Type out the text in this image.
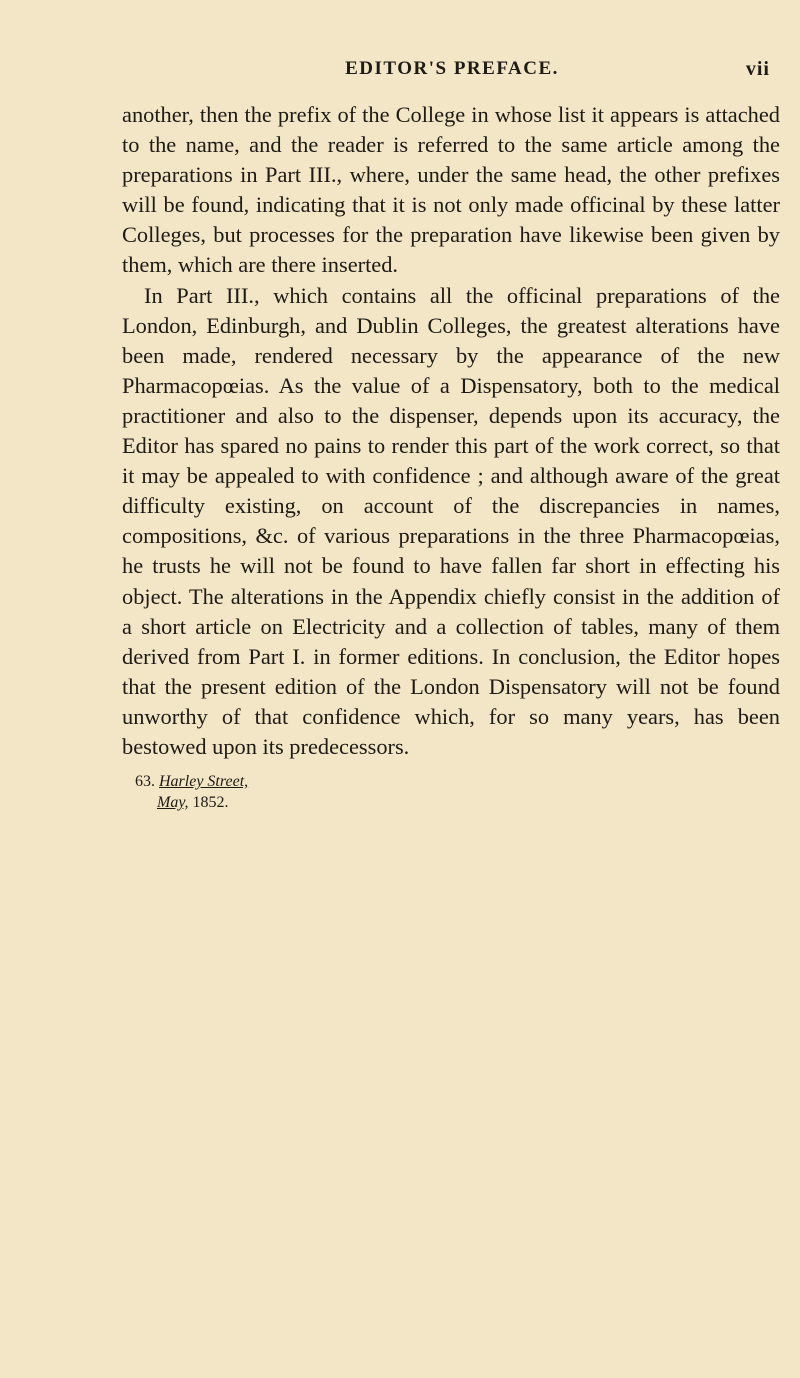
EDITOR'S PREFACE.	vii

another, then the prefix of the College in whose list it appears is attached to the name, and the reader is referred to the same article among the preparations in Part III., where, under the same head, the other prefixes will be found, indicating that it is not only made officinal by these latter Colleges, but processes for the preparation have likewise been given by them, which are there inserted.

In Part III., which contains all the officinal preparations of the London, Edinburgh, and Dublin Colleges, the greatest alterations have been made, rendered necessary by the appearance of the new Pharmacopœias. As the value of a Dispensatory, both to the medical practitioner and also to the dispenser, depends upon its accuracy, the Editor has spared no pains to render this part of the work correct, so that it may be appealed to with confidence ; and although aware of the great difficulty existing, on account of the discrepancies in names, compositions, &c. of various preparations in the three Pharmacopœias, he trusts he will not be found to have fallen far short in effecting his object. The alterations in the Appendix chiefly consist in the addition of a short article on Electricity and a collection of tables, many of them derived from Part I. in former editions. In conclusion, the Editor hopes that the present edition of the London Dispensatory will not be found unworthy of that confidence which, for so many years, has been bestowed upon its predecessors.

63. Harley Street,
May, 1852.
